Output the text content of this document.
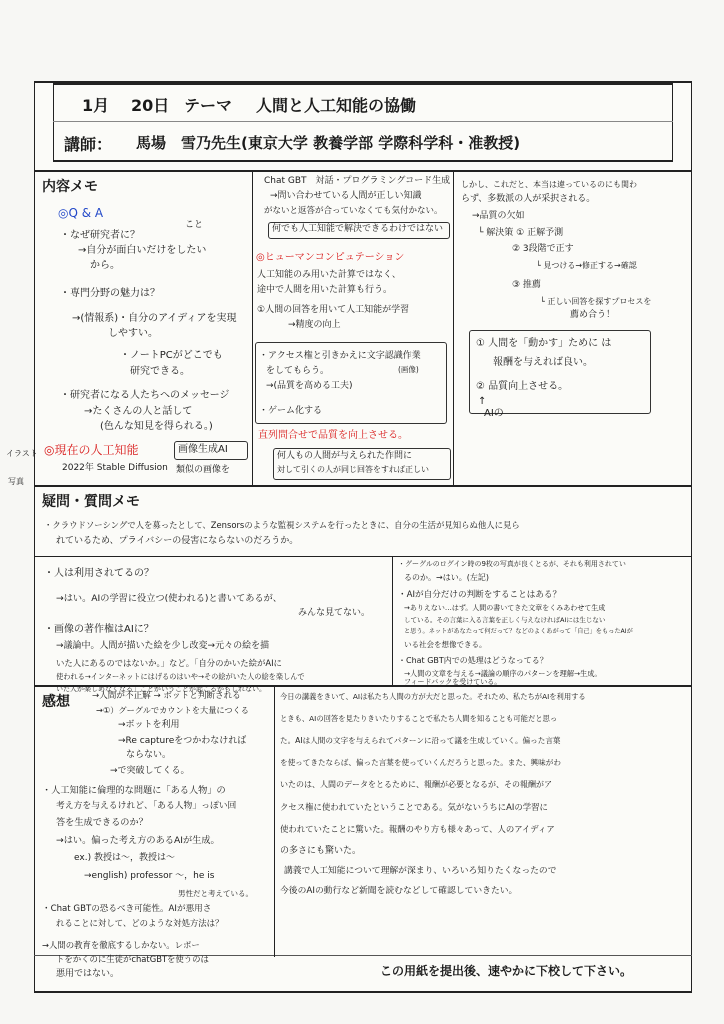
1月 20日 テーマ 人間と人工知能の協働
講師： 馬場　雪乃先生(東京大学 教養学部 学際科学科・准教授)
内容メモ
疑問・質問メモ
感想
◎Q & A
・なぜ研究者に？
こと
→自分が面白いだけをしたい
から。
・専門分野の魅力は？
→(情報系)・自分のアイディアを実現
しやすい。
・ノートPCがどこでも
研究できる。
・研究者になる人たちへのメッセージ
→たくさんの人と話して
(色んな知見を得られる。)
◎現在の人工知能	画像生成AI
2022年 Stable Diffusion 類似の画像を
イラスト
写真
Chat GBT　対話・プログラミングコード生成
→問い合わせている人間が正しい知識
がないと返答が合っていなくても気付かない。
何でも人工知能で解決できるわけではない
◎ヒューマンコンピュテーション
人工知能のみ用いた計算ではなく、
途中で人間を用いた計算も行う。
①人間の回答を用いて人工知能が学習
→精度の向上
・アクセス権と引きかえに文字認識作業
をしてもらう。	(画像)
→(品質を高める工夫)
・ゲーム化する
直列問合せで品質を向上させる。
何人もの人間が与えられた作問に
対して引くの人が同じ回答をすれば正しい
しかし、これだと、本当は違っているのにも関わ
らず、多数派の人が采択される。
→品質の欠如
└ 解決策 ① 正解予測
② 3段階で正す
└ 見つける→修正する→確認
③ 推薦
└ 正しい回答を探すプロセスを
薦め合う！
① 人間を「動かす」ために は
報酬を与えれば良い。
② 品質向上させる。
↑
AIの
・クラウドソーシングで人を募ったとして、Zensorsのような監視システムを行ったときに、自分の生活が見知らぬ他人に見ら
れているため、プライバシーの侵害にならないのだろうか。
・人は利用されてるの？
→はい。AIの学習に役立つ(使われる)と書いてあるが、
みんな見てない。
・画像の著作権はAIに？
→議論中。人間が描いた絵を少し改変→元々の絵を描
いた人にあるのではないか。」など。「自分のかいた絵がAIに
使われる→インターネットにはげるのはいや→その絵がいた人の絵を楽しんで
いた人が楽しめなくなる」ことがいうことが起こるかもしれない。
・グーグルのログイン時の9枚の写真が良くとるが、それも利用されてい
るのか。→はい。(左記)
・AIが自分だけの判断をすることはある？
→ありえない…はず。人間の書いてきた文章をくみあわせて生成
している。その言葉に入る言葉を正しく与えなければAIには生じない
と思う。ネットがあなたって何だって？などのよくあがって「自己」をもったAIが
いる社会を想像できる。
・Chat GBT内での処理はどうなってる？
→人間の文章を与える→議論の順序のパターンを理解→生成。
フィードバックを受けている。
→人間が不正解 → ボットと判断される
→①）グーグルでカウントを大量につくる
→ボットを利用
→Re captureをつかわなければ
ならない。
→で突破してくる。
・人工知能に倫理的な問題に「ある人物」の
考え方を与えるけれど、「ある人物」っぽい回
答を生成できるのか？
→はい。偏った考え方のあるAIが生成。
ex.) 教授は～，教授は～
→english) professor ～，he is
男性だと考えている。
・Chat GBTの恐るべき可能性。AIが悪用さ
れることに対して、どのような対処方法は？
→人間の教育を徹底するしかない。レポー
トをかくのに生徒がchatGBTを使うのは
悪用ではない。
今日の講義をきいて、AIは私たち人間の方が大だと思った。それため、私たちがAIを利用する
ときも、AIの回答を見たりきいたりすることで私たち人間を知ることも可能だと思っ
た。AIは人間の文字を与えられてパターンに沿って議を生成していく。偏った言葉
を使ってきたならば、偏った言葉を使っていくんだろうと思った。また、興味がわ
いたのは、人間のデータをとるために、報酬が必要となるが、その報酬がア
クセス権に使われていたということである。気がないうちにAIの学習に
使われていたことに驚いた。報酬のやり方も様々あって、人のアイディア
の多さにも驚いた。
講義で人工知能について理解が深まり、いろいろ知りたくなったので
今後のAIの動行など新聞を読むなどして確認していきたい。
この用紙を提出後、速やかに下校して下さい。
